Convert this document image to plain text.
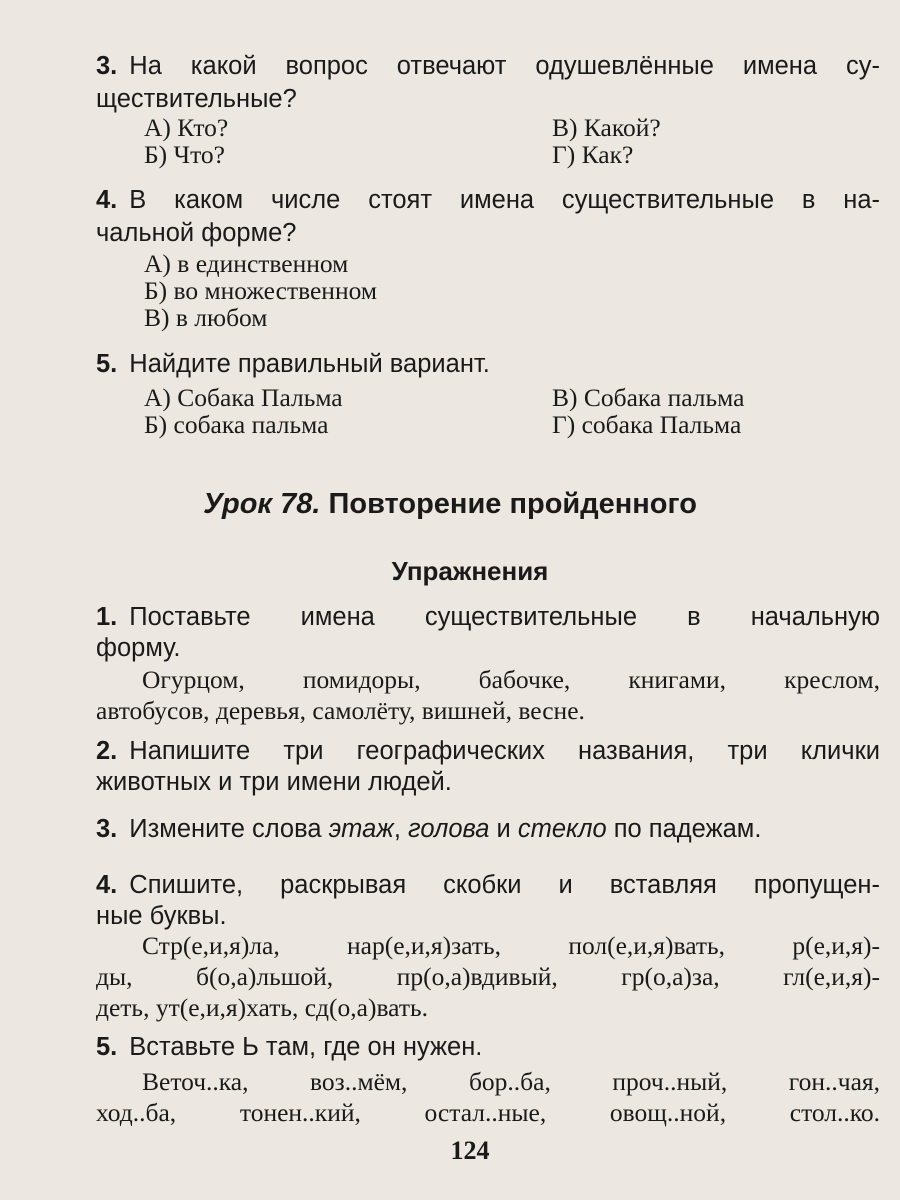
3. На какой вопрос отвечают одушевлённые имена су-
ществительные?
А) Кто?	В) Какой?
Б) Что?	Г) Как?
4. В каком числе стоят имена существительные в на-
чальной форме?
А) в единственном
Б) во множественном
В) в любом
5. Найдите правильный вариант.
А) Собака Пальма	В) Собака пальма
Б) собака пальма	Г) собака Пальма
Урок 78. Повторение пройденного
Упражнения
1. Поставьте имена существительные в начальную
форму.
Огурцом, помидоры, бабочке, книгами, креслом,
автобусов, деревья, самолёту, вишней, весне.
2. Напишите три географических названия, три клички
животных и три имени людей.
3. Измените слова этаж, голова и стекло по падежам.
4. Спишите, раскрывая скобки и вставляя пропущен-
ные буквы.
Стр(е,и,я)ла, нар(е,и,я)зать, пол(е,и,я)вать, р(е,и,я)-
ды, б(о,а)льшой, пр(о,а)вдивый, гр(о,а)за, гл(е,и,я)-
деть, ут(е,и,я)хать, сд(о,а)вать.
5. Вставьте Ь там, где он нужен.
Веточ..ка, воз..мём, бор..ба, проч..ный, гон..чая,
ход..ба, тонен..кий, остал..ные, овощ..ной, стол..ко.
124
